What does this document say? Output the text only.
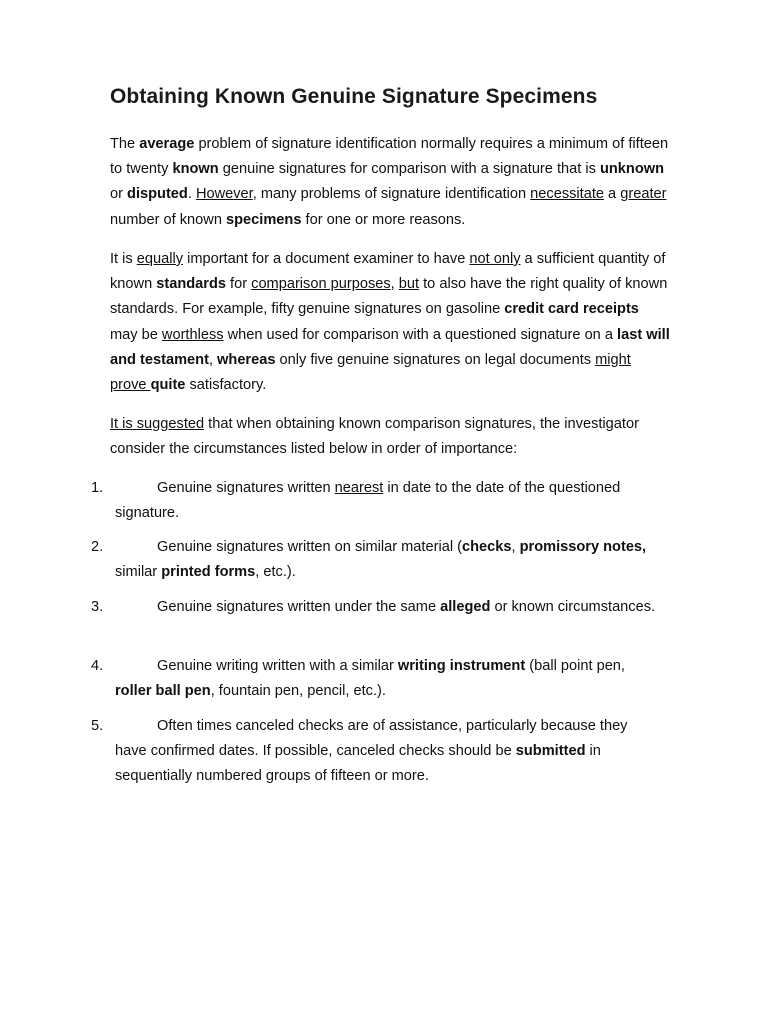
Obtaining Known Genuine Signature Specimens

The average problem of signature identification normally requires a minimum of fifteen to twenty known genuine signatures for comparison with a signature that is unknown or disputed. However, many problems of signature identification necessitate a greater number of known specimens for one or more reasons.

It is equally important for a document examiner to have not only a sufficient quantity of known standards for comparison purposes, but to also have the right quality of known standards. For example, fifty genuine signatures on gasoline credit card receipts may be worthless when used for comparison with a questioned signature on a last will and testament, whereas only five genuine signatures on legal documents might prove quite satisfactory.

It is suggested that when obtaining known comparison signatures, the investigator consider the circumstances listed below in order of importance:

1.	Genuine signatures written nearest in date to the date of the questioned signature.
2.	Genuine signatures written on similar material (checks, promissory notes,  similar printed forms, etc.).
3.	Genuine signatures written under the same alleged or known circumstances.
4.	Genuine writing written with a similar writing instrument (ball point pen, roller ball pen, fountain pen, pencil, etc.).
5.	Often times canceled checks are of assistance, particularly because they have confirmed dates. If possible, canceled checks should be submitted in sequentially numbered groups of fifteen or more.
